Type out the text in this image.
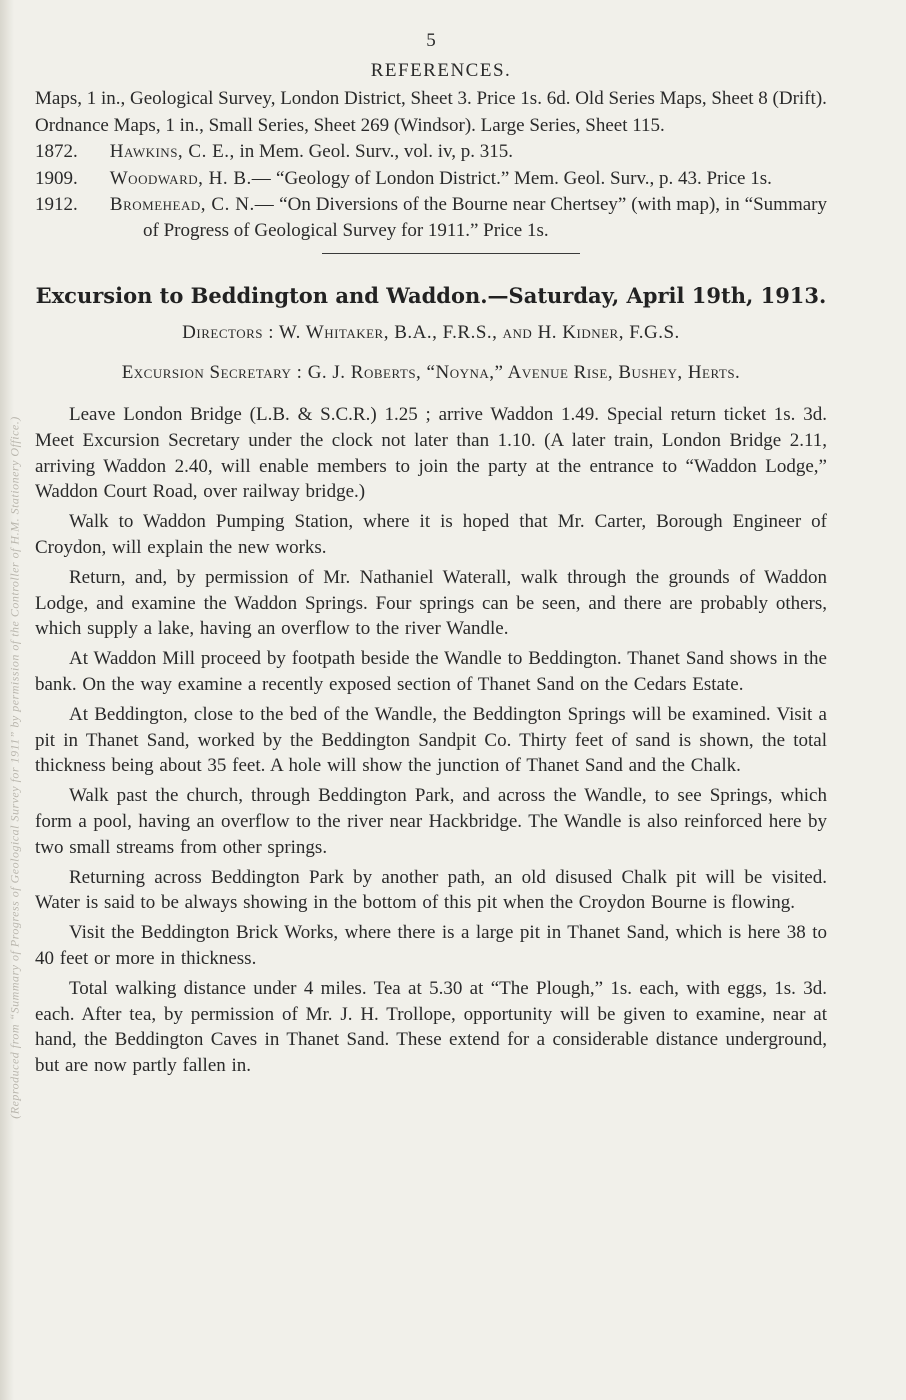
(Reproduced from “Summary of Progress of Geological Survey for 1911” by permission of the Controller of H.M. Stationery Office.)
5
REFERENCES.

Maps, 1 in., Geological Survey, London District, Sheet 3. Price 1s. 6d. Old Series Maps, Sheet 8 (Drift).

Ordnance Maps, 1 in., Small Series, Sheet 269 (Windsor). Large Series, Sheet 115.

1872. Hawkins, C. E., in Mem. Geol. Surv., vol. iv, p. 315.

1909. Woodward, H. B.— “Geology of London District.” Mem. Geol. Surv., p. 43. Price 1s.

1912. Bromehead, C. N.— “On Diversions of the Bourne near Chertsey” (with map), in “Summary of Progress of Geological Survey for 1911.” Price 1s.

Excursion to Beddington and Waddon.—Saturday, April 19th, 1913.
Directors : W. Whitaker, B.A., F.R.S., and H. Kidner, F.G.S.
Excursion Secretary : G. J. Roberts, “Noyna,” Avenue Rise, Bushey, Herts.

Leave London Bridge (L.B. & S.C.R.) 1.25 ; arrive Waddon 1.49. Special return ticket 1s. 3d. Meet Excursion Secretary under the clock not later than 1.10. (A later train, London Bridge 2.11, arriving Waddon 2.40, will enable members to join the party at the entrance to “Waddon Lodge,” Waddon Court Road, over railway bridge.)

Walk to Waddon Pumping Station, where it is hoped that Mr. Carter, Borough Engineer of Croydon, will explain the new works.

Return, and, by permission of Mr. Nathaniel Waterall, walk through the grounds of Waddon Lodge, and examine the Waddon Springs. Four springs can be seen, and there are probably others, which supply a lake, having an overflow to the river Wandle.

At Waddon Mill proceed by footpath beside the Wandle to Beddington. Thanet Sand shows in the bank. On the way examine a recently exposed section of Thanet Sand on the Cedars Estate.

At Beddington, close to the bed of the Wandle, the Beddington Springs will be examined. Visit a pit in Thanet Sand, worked by the Beddington Sandpit Co. Thirty feet of sand is shown, the total thickness being about 35 feet. A hole will show the junction of Thanet Sand and the Chalk.

Walk past the church, through Beddington Park, and across the Wandle, to see Springs, which form a pool, having an overflow to the river near Hackbridge. The Wandle is also reinforced here by two small streams from other springs.

Returning across Beddington Park by another path, an old disused Chalk pit will be visited. Water is said to be always showing in the bottom of this pit when the Croydon Bourne is flowing.

Visit the Beddington Brick Works, where there is a large pit in Thanet Sand, which is here 38 to 40 feet or more in thickness.

Total walking distance under 4 miles. Tea at 5.30 at “The Plough,” 1s. each, with eggs, 1s. 3d. each. After tea, by permission of Mr. J. H. Trollope, opportunity will be given to examine, near at hand, the Beddington Caves in Thanet Sand. These extend for a considerable distance underground, but are now partly fallen in.
